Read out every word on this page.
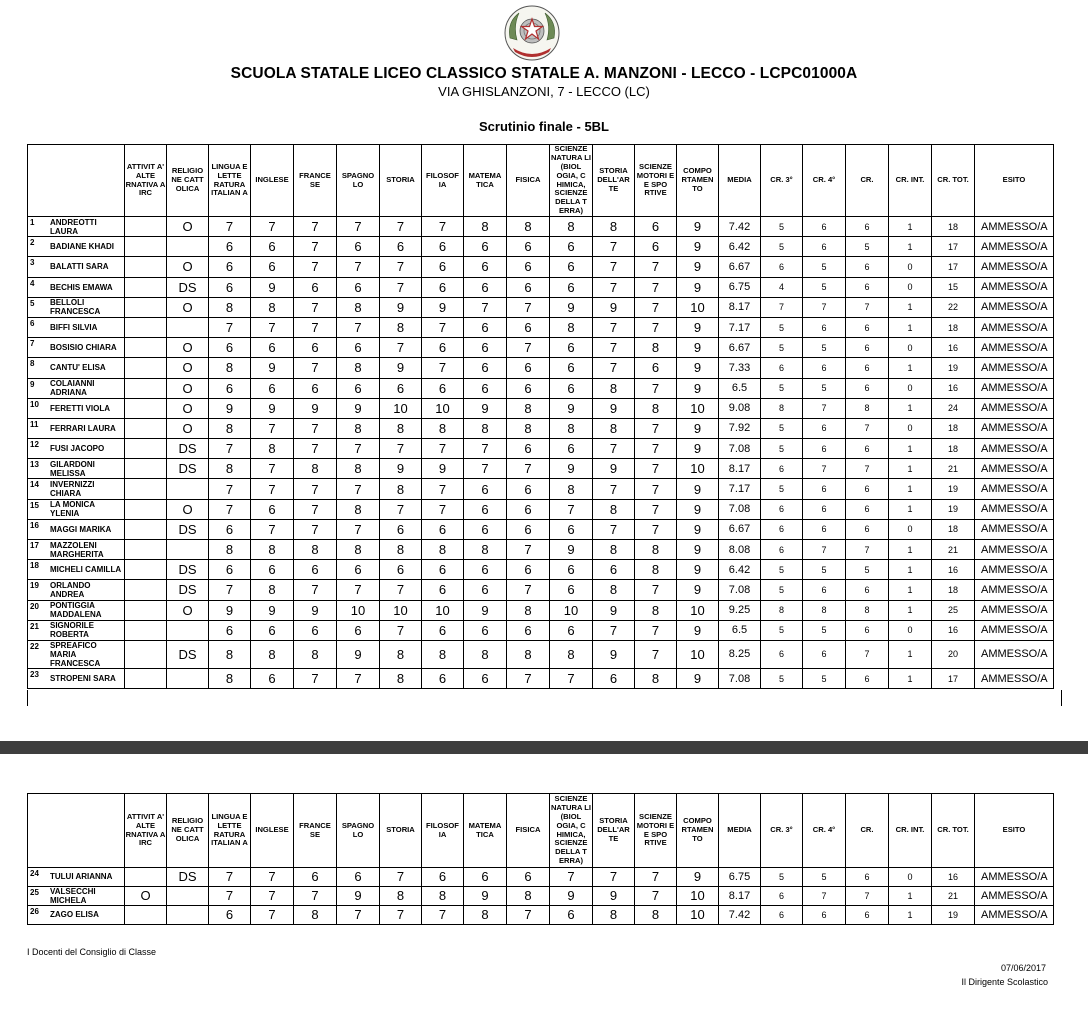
SCUOLA STATALE LICEO CLASSICO STATALE A. MANZONI - LECCO - LCPC01000A
VIA GHISLANZONI, 7 - LECCO (LC)
Scrutinio finale - 5BL
	ATTIVIT A' ALTE RNATIVA A IRC	RELIGIO NE CATT OLICA	LINGUA E LETTE RATURA ITALIAN A	INGLESE	FRANCE SE	SPAGNO LO	STORIA	FILOSOF IA	MATEMA TICA	FISICA	SCIENZE NATURA LI (BIOL OGIA, C HIMICA, SCIENZE DELLA T ERRA)	STORIA DELL'AR TE	SCIENZE MOTORI E E SPO RTIVE	COMPO RTAMEN TO	MEDIA	CR. 3°	CR. 4°	CR.	CR. INT.	CR. TOT.	ESITO

1 ANDREOTTI LAURA		O	7	7	7	7	7	7	8	8	8	8	6	9	7.42	5	6	6	1	18	AMMESSO/A

2 BADIANE KHADI			6	6	7	6	6	6	6	6	6	7	6	9	6.42	5	6	5	1	17	AMMESSO/A

3 BALATTI SARA		O	6	6	7	7	7	6	6	6	6	7	7	9	6.67	6	5	6	0	17	AMMESSO/A

4 BECHIS EMAWA		DS	6	9	6	6	7	6	6	6	6	7	7	9	6.75	4	5	6	0	15	AMMESSO/A

5 BELLOLI FRANCESCA		O	8	8	7	8	9	9	7	7	9	9	7	10	8.17	7	7	7	1	22	AMMESSO/A

6 BIFFI SILVIA			7	7	7	7	8	7	6	6	8	7	7	9	7.17	5	6	6	1	18	AMMESSO/A

7 BOSISIO CHIARA		O	6	6	6	6	7	6	6	7	6	7	8	9	6.67	5	5	6	0	16	AMMESSO/A

8 CANTU' ELISA		O	8	9	7	8	9	7	6	6	6	7	6	9	7.33	6	6	6	1	19	AMMESSO/A

9 COLAIANNI ADRIANA		O	6	6	6	6	6	6	6	6	6	8	7	9	6.5	5	5	6	0	16	AMMESSO/A

10 FERETTI VIOLA		O	9	9	9	9	10	10	9	8	9	9	8	10	9.08	8	7	8	1	24	AMMESSO/A

11 FERRARI LAURA		O	8	7	7	8	8	8	8	8	8	8	7	9	7.92	5	6	7	0	18	AMMESSO/A

12 FUSI JACOPO		DS	7	8	7	7	7	7	7	6	6	7	7	9	7.08	5	6	6	1	18	AMMESSO/A

13 GILARDONI MELISSA		DS	8	7	8	8	9	9	7	7	9	9	7	10	8.17	6	7	7	1	21	AMMESSO/A

14 INVERNIZZI CHIARA			7	7	7	7	8	7	6	6	8	7	7	9	7.17	5	6	6	1	19	AMMESSO/A

15 LA MONICA YLENIA		O	7	6	7	8	7	7	6	6	7	8	7	9	7.08	6	6	6	1	19	AMMESSO/A

16 MAGGI MARIKA		DS	6	7	7	7	6	6	6	6	6	7	7	9	6.67	6	6	6	0	18	AMMESSO/A

17 MAZZOLENI MARGHERITA			8	8	8	8	8	8	8	7	9	8	8	9	8.08	6	7	7	1	21	AMMESSO/A

18 MICHELI CAMILLA		DS	6	6	6	6	6	6	6	6	6	6	8	9	6.42	5	5	5	1	16	AMMESSO/A

19 ORLANDO ANDREA		DS	7	8	7	7	7	6	6	7	6	8	7	9	7.08	5	6	6	1	18	AMMESSO/A

20 PONTIGGIA MADDALENA		O	9	9	9	10	10	10	9	8	10	9	8	10	9.25	8	8	8	1	25	AMMESSO/A

21 SIGNORILE ROBERTA			6	6	6	6	7	6	6	6	6	7	7	9	6.5	5	5	6	0	16	AMMESSO/A

22 SPREAFICO MARIA FRANCESCA		DS	8	8	8	9	8	8	8	8	8	9	7	10	8.25	6	6	7	1	20	AMMESSO/A

23 STROPENI SARA			8	6	7	7	8	6	6	7	7	6	8	9	7.08	5	5	6	1	17	AMMESSO/A
	ATTIVIT A' ALTE RNATIVA A IRC	RELIGIO NE CATT OLICA	LINGUA E LETTE RATURA ITALIAN A	INGLESE	FRANCE SE	SPAGNO LO	STORIA	FILOSOF IA	MATEMA TICA	FISICA	SCIENZE NATURA LI (BIOL OGIA, C HIMICA, SCIENZE DELLA T ERRA)	STORIA DELL'AR TE	SCIENZE MOTORI E E SPO RTIVE	COMPO RTAMEN TO	MEDIA	CR. 3°	CR. 4°	CR.	CR. INT.	CR. TOT.	ESITO

24 TULUI ARIANNA		DS	7	7	6	6	7	6	6	6	7	7	7	9	6.75	5	5	6	0	16	AMMESSO/A

25 VALSECCHI MICHELA	O		7	7	7	9	8	8	9	8	9	9	7	10	8.17	6	7	7	1	21	AMMESSO/A

26 ZAGO ELISA			6	7	8	7	7	7	8	7	6	8	8	10	7.42	6	6	6	1	19	AMMESSO/A
I Docenti del Consiglio di Classe
07/06/2017
Il Dirigente Scolastico
